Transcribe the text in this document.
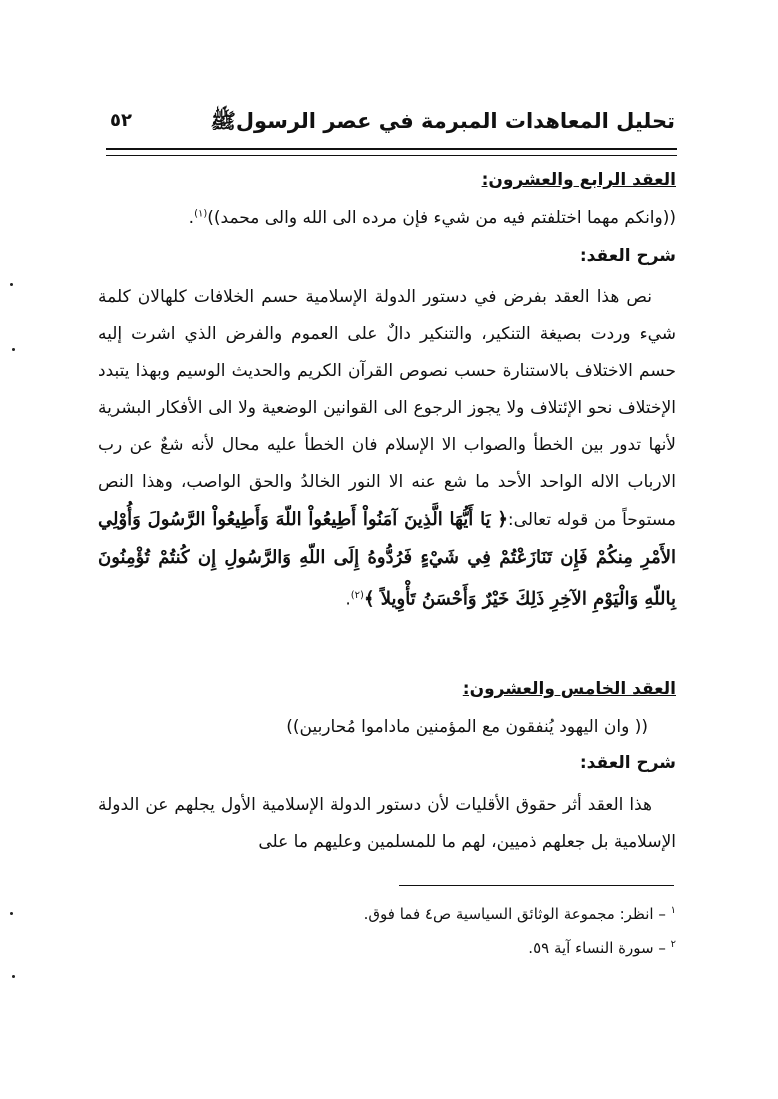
تحليل المعاهدات المبرمة في عصر الرسولﷺ
٥٢
العقد الرابع والعشرون:
((وانكم مهما اختلفتم فيه من شيء فإن مرده الى الله والى محمد))$^{(١)}$.
شرح العقد:

نص هذا العقد بفرض في دستور الدولة الإسلامية حسم الخلافات كلهالان كلمة شيء وردت بصيغة التنكير، والتنكير دالٌ على العموم والفرض الذي اشرت إليه حسم الاختلاف بالاستنارة حسب نصوص القرآن الكريم والحديث الوسيم وبهذا يتبدد الإختلاف نحو الإئتلاف ولا يجوز الرجوع الى القوانين الوضعية ولا الى الأفكار البشرية لأنها تدور بين الخطأ والصواب الا الإسلام فان الخطأ عليه محال لأنه شعٌ عن رب الارباب الاله الواحد الأحد ما شع عنه الا النور الخالدُ والحق الواصب، وهذا النص مستوحاً من قوله تعالى:﴿ يَا أَيُّهَا الَّذِينَ آمَنُواْ أَطِيعُواْ اللّهَ وَأَطِيعُواْ الرَّسُولَ وَأُوْلِي الأَمْرِ مِنكُمْ فَإِن تَنَازَعْتُمْ فِي شَيْءٍ فَرُدُّوهُ إِلَى اللّهِ وَالرَّسُولِ إِن كُنتُمْ تُؤْمِنُونَ بِاللّهِ وَالْيَوْمِ الآخِرِ ذَلِكَ خَيْرٌ وَأَحْسَنُ تَأْوِيلاً ﴾$^{(٢)}$.

العقد الخامس والعشرون:
(( وان اليهود يُنفقون مع المؤمنين ماداموا مُحاربين))
شرح العقد:

هذا العقد أثر حقوق الأقليات لأن دستور الدولة الإسلامية الأول يجلهم عن الدولة الإسلامية بل جعلهم ذميين، لهم ما للمسلمين وعليهم ما على

$^١$ – انظر: مجموعة الوثائق السياسية ص٤ فما فوق.
$^٢$ – سورة النساء آية ٥٩.
